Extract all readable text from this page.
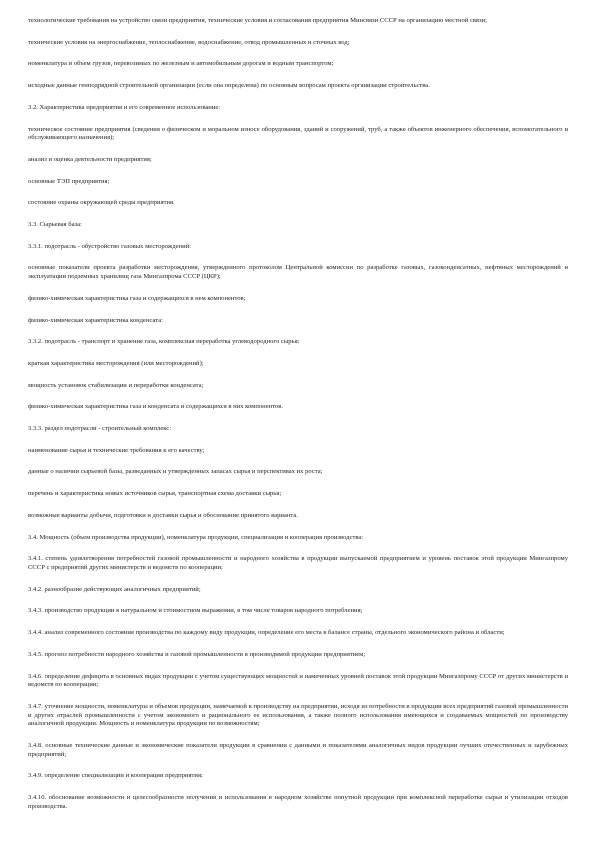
технологические требования на устройство связи предприятия, технические условия и согласования предприятия Минсвязи СССР на организацию местной связи;

технические условия на энергоснабжение, теплоснабжение, водоснабжение, отвод промышленных и сточных вод;

номенклатура и объем грузов, перевозимых по железным и автомобильным дорогам и водным транспортом;

исходные данные генподрядной строительной организации (если она определена) по основным вопросам проекта организации строительства.

3.2. Характеристика предприятия и его современное использование:

техническое состояние предприятия (сведения о физическом и моральном износе оборудования, зданий и сооружений, труб, а также объектов инженерного обеспечения, вспомогательного и обслуживающего назначения);

анализ и оценка деятельности предприятия;

основные ТЭП предприятия;

состояние охраны окружающей среды предприятия.

3.3. Сырьевая база:

3.3.1. подотрасль - обустройство газовых месторождений:

основные показатели проекта разработки месторождения, утвержденного протоколом Центральной комиссии по разработке газовых, газоконденсатных, нефтяных месторождений и эксплуатации подземных хранилищ газа Мингазпрома СССР (ЦКР);

физико-химическая характеристика газа и содержащихся в нем компонентов;

физико-химическая характеристика конденсата:

3.3.2. подотрасль - транспорт и хранение газа, комплексная переработка углеводородного сырья:

краткая характеристика месторождения (или месторождений);

мощность установок стабилизации и переработки конденсата;

физико-химическая характеристика газа и конденсата и содержащихся в них компонентов.

3.3.3. раздел подотрасли - строительный комплекс:

наименование сырья и технические требования к его качеству;

данные о наличии сырьевой базы, разведанных и утвержденных запасах сырья и перспективах их роста;

перечень и характеристика новых источников сырья, транспортная схема доставки сырья;

возможные варианты добычи, подготовки и доставки сырья и обоснование принятого варианта.

3.4. Мощность (объем производства продукции), номенклатура продукции, специализация и кооперация производства:

3.4.1. степень удовлетворения потребностей газовой промышленности и народного хозяйства в продукции выпускаемой предприятием и уровень поставок этой продукции Мингазпрому СССР с предприятий других министерств и ведомств по кооперации;

3.4.2. разнообразие действующих аналогичных предприятий;

3.4.3. производство продукции в натуральном и стоимостном выражении, в том числе товаров народного потребления;

3.4.4. анализ современного состояния производства по каждому виду продукции, определение его места в балансе страны, отдельного экономического района и области;

3.4.5. прогноз потребности народного хозяйства и газовой промышленности в производимой продукции предприятием;

3.4.6. определение дефицита в основных видах продукции с учетом существующих мощностей и намеченных уровней поставок этой продукции Мингазпрому СССР от других министерств и ведомств по кооперации;

3.4.7. уточнение мощности, номенклатуры и объемов продукции, намечаемой к производству на предприятии, исходя из потребности в продукции всех предприятий газовой промышленности и других отраслей промышленности с учетом экономного и рационального ее использования, а также полного использования имеющихся и создаваемых мощностей по производству аналогичной продукции. Мощность и номенклатура продукции по возможностям;

3.4.8. основные технические данные и экономические показатели продукции в сравнении с данными и показателями аналогичных видов продукции лучших отечественных и зарубежных предприятий;

3.4.9. определение специализации и кооперации предприятия;

3.4.10. обоснование возможности и целесообразности получения и использования в народном хозяйстве попутной продукции при комплексной переработке сырья и утилизации отходов производства.
